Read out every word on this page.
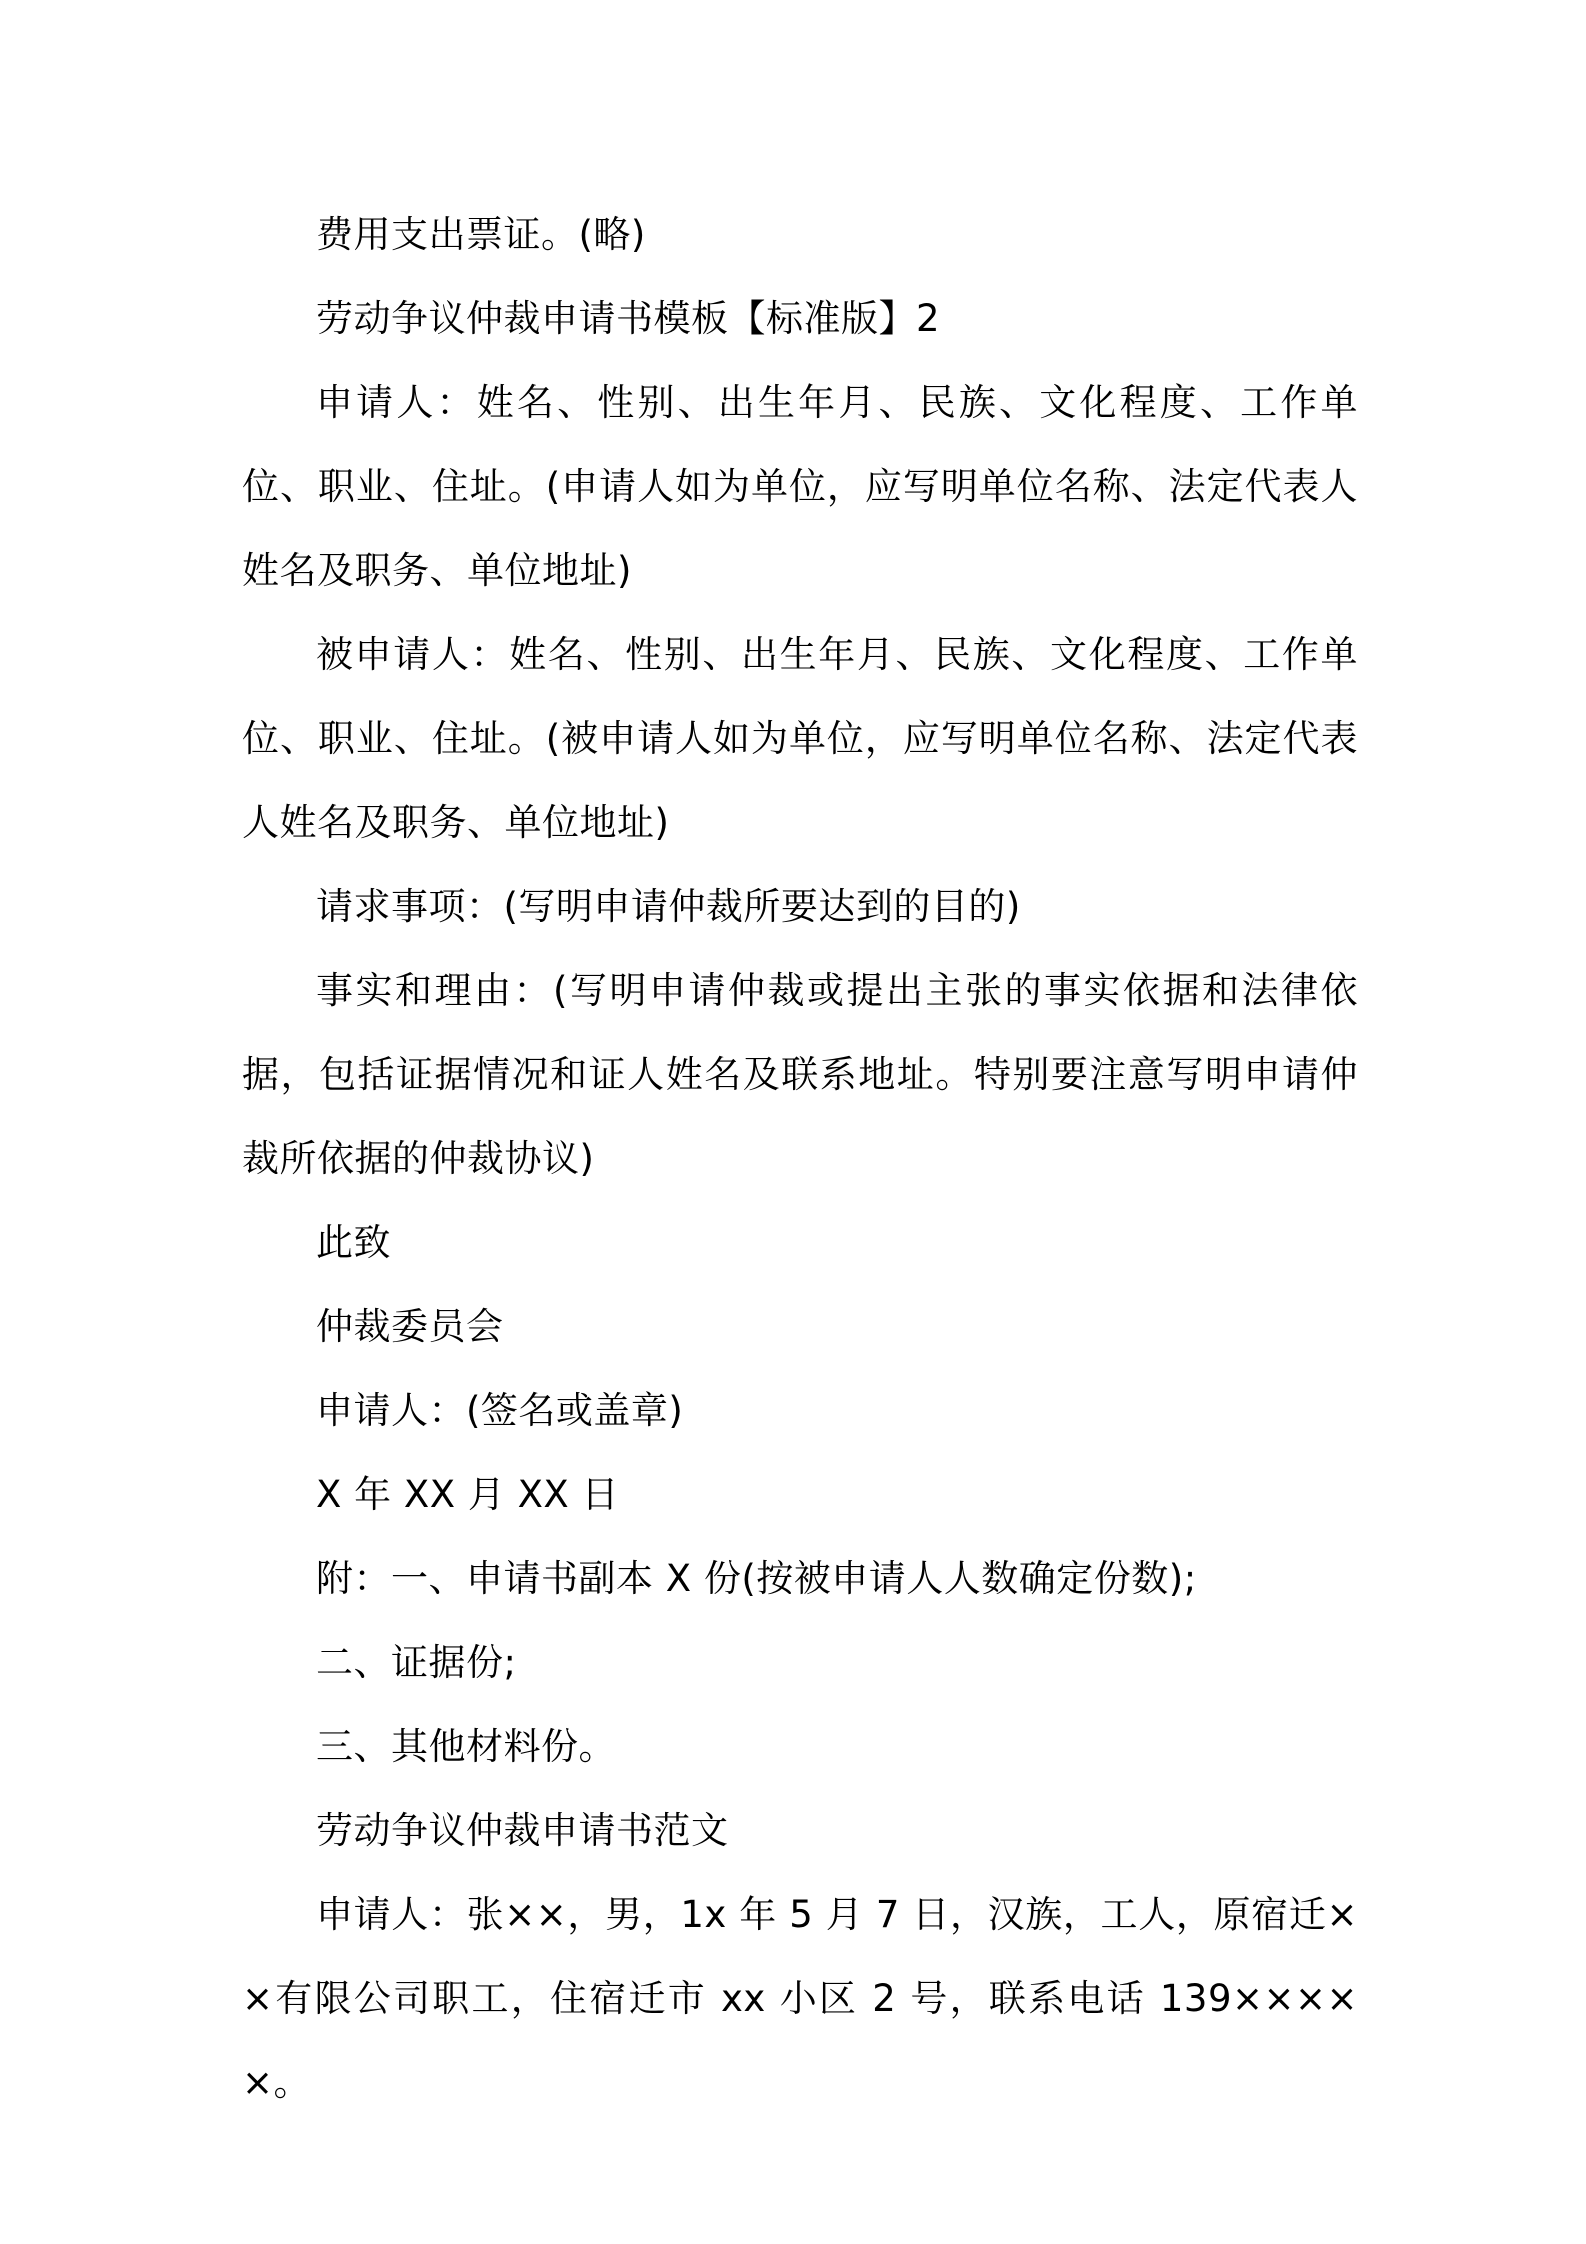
费用支出票证。(略)

劳动争议仲裁申请书模板【标准版】2

申请人：姓名、性别、出生年月、民族、文化程度、工作单位、职业、住址。(申请人如为单位，应写明单位名称、法定代表人姓名及职务、单位地址)

被申请人：姓名、性别、出生年月、民族、文化程度、工作单位、职业、住址。(被申请人如为单位，应写明单位名称、法定代表人姓名及职务、单位地址)

请求事项：(写明申请仲裁所要达到的目的)

事实和理由：(写明申请仲裁或提出主张的事实依据和法律依据，包括证据情况和证人姓名及联系地址。特别要注意写明申请仲裁所依据的仲裁协议)

此致

仲裁委员会

申请人：(签名或盖章)

X 年 XX 月 XX 日

附：一、申请书副本 X 份(按被申请人人数确定份数);

二、证据份;

三、其他材料份。

劳动争议仲裁申请书范文

申请人：张××，男，1x 年 5 月 7 日，汉族，工人，原宿迁××有限公司职工，住宿迁市 xx 小区 2 号，联系电话 139×××××。
